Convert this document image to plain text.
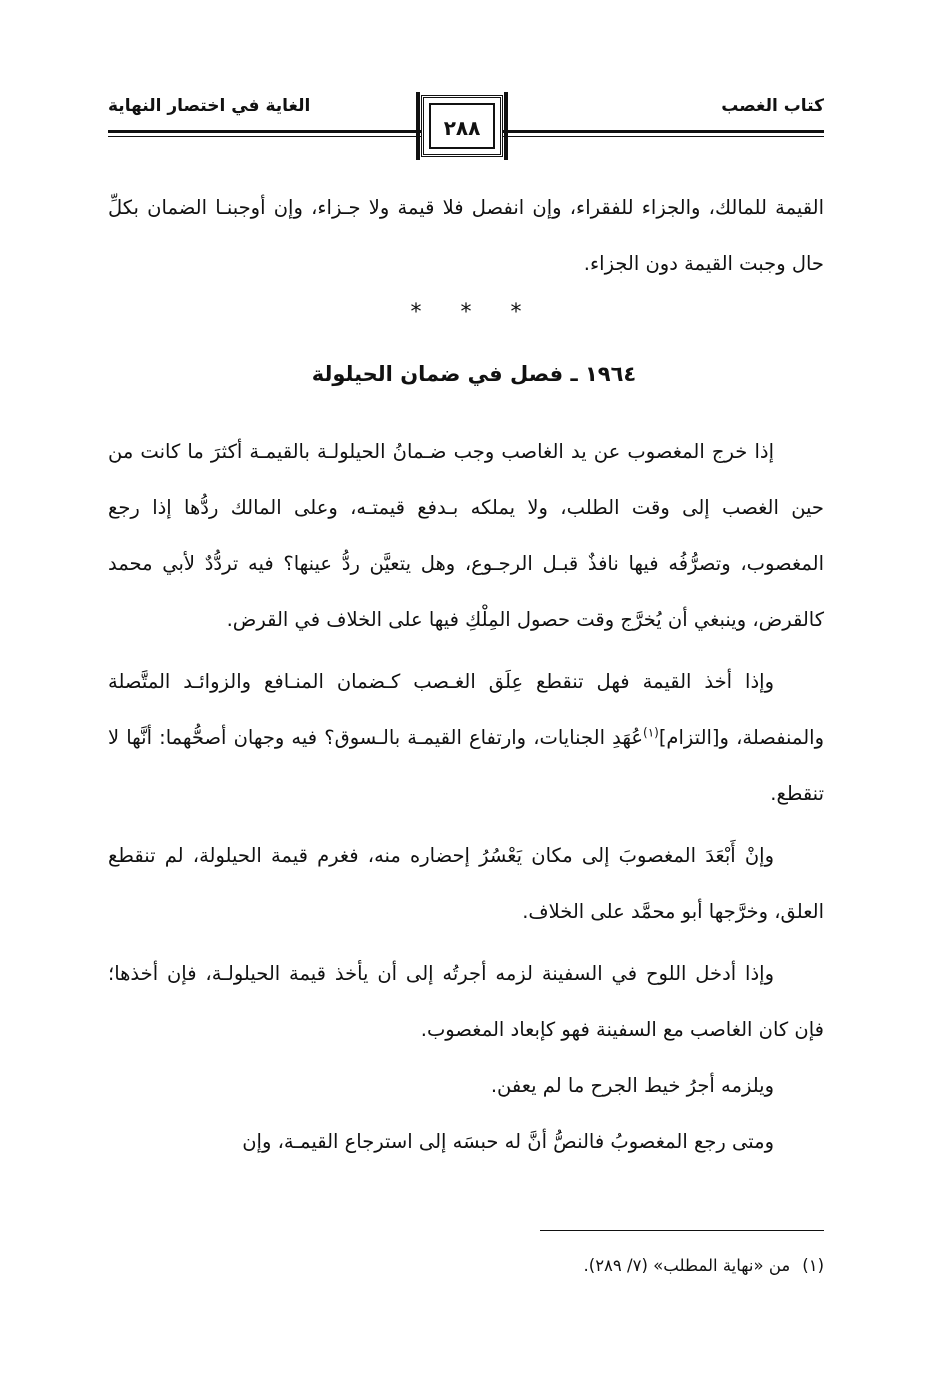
كتاب الغصب
الغاية في اختصار النهاية
٢٨٨

القيمة للمالك، والجزاء للفقراء، وإن انفصل فلا قيمة ولا جـزاء، وإن أوجبنـا الضمان بكلِّ حال وجبت القيمة دون الجزاء.

* * *
١٩٦٤ ـ فصل في ضمان الحيلولة

إذا خرج المغصوب عن يد الغاصب وجب ضـمانُ الحيلولـة بالقيمـة أكثرَ ما كانت من حين الغصب إلى وقت الطلب، ولا يملكه بـدفع قيمتـه، وعلى المالك ردُّها إذا رجع المغصوب، وتصرُّفُه فيها نافذٌ قبـل الرجـوع، وهل يتعيَّن ردُّ عينها؟ فيه تردُّدٌ لأبي محمد كالقرض، وينبغي أن يُخرَّج وقت حصول المِلْكِ فيها على الخلاف في القرض.

وإذا أخذ القيمة فهل تنقطع عِلَق الغـصب كـضمان المنـافع والزوائـد المتَّصلة والمنفصلة، و[التزام]$^{(١)}$عُهَدِ الجنايات، وارتفاع القيمـة بالـسوق؟ فيه وجهان أصحُّهما: أنَّها لا تنقطع.

وإنْ أَبْعَدَ المغصوبَ إلى مكان يَعْسُرُ إحضاره منه، فغرم قيمة الحيلولة، لم تنقطع العلق، وخرَّجها أبو محمَّد على الخلاف.

وإذا أدخل اللوح في السفينة لزمه أجرتُه إلى أن يأخذ قيمة الحيلولـة، فإن أخذها؛ فإن كان الغاصب مع السفينة فهو كإبعاد المغصوب.

ويلزمه أجرُ خيط الجرح ما لم يعفن.

ومتى رجع المغصوبُ فالنصُّ أنَّ له حبسَه إلى استرجاع القيمـة، وإن

(١)من «نهاية المطلب» (٧/ ٢٨٩).
